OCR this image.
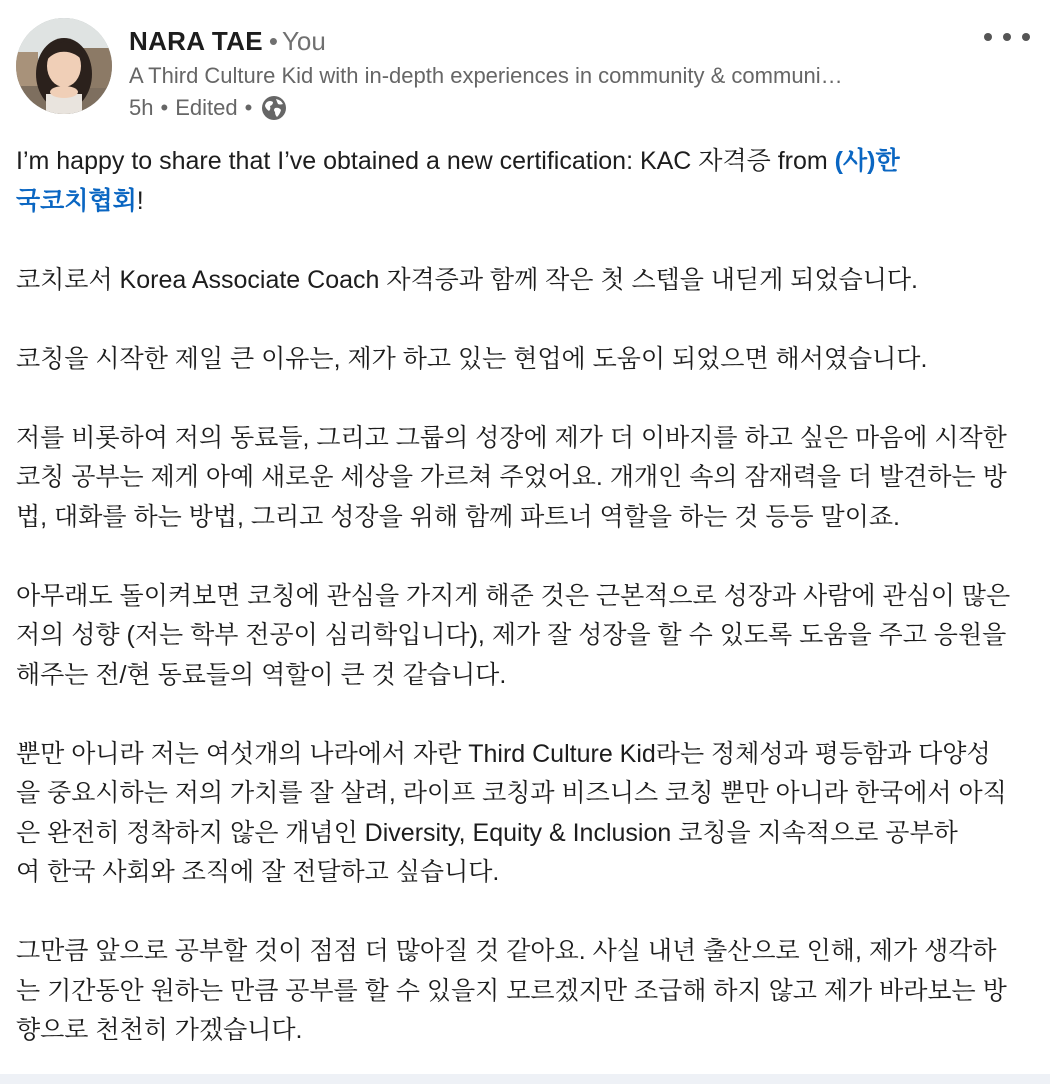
NARA TAE • You
A Third Culture Kid with in-depth experiences in community & communi…
5h • Edited •
I’m happy to share that I’ve obtained a new certification: KAC 자격증 from (사)한
국코치협회!
코치로서 Korea Associate Coach 자격증과 함께 작은 첫 스텝을 내딛게 되었습니다.
코칭을 시작한 제일 큰 이유는, 제가 하고 있는 현업에 도움이 되었으면 해서였습니다.
저를 비롯하여 저의 동료들, 그리고 그룹의 성장에 제가 더 이바지를 하고 싶은 마음에 시작한
코칭 공부는 제게 아예 새로운 세상을 가르쳐 주었어요. 개개인 속의 잠재력을 더 발견하는 방
법, 대화를 하는 방법, 그리고 성장을 위해 함께 파트너 역할을 하는 것 등등 말이죠.
아무래도 돌이켜보면 코칭에 관심을 가지게 해준 것은 근본적으로 성장과 사람에 관심이 많은
저의 성향 (저는 학부 전공이 심리학입니다), 제가 잘 성장을 할 수 있도록 도움을 주고 응원을
해주는 전/현 동료들의 역할이 큰 것 같습니다.
뿐만 아니라 저는 여섯개의 나라에서 자란 Third Culture Kid라는 정체성과 평등함과 다양성
을 중요시하는 저의 가치를 잘 살려, 라이프 코칭과 비즈니스 코칭 뿐만 아니라 한국에서 아직
은 완전히 정착하지 않은 개념인 Diversity, Equity & Inclusion 코칭을 지속적으로 공부하
여 한국 사회와 조직에 잘 전달하고 싶습니다.
그만큼 앞으로 공부할 것이 점점 더 많아질 것 같아요. 사실 내년 출산으로 인해, 제가 생각하
는 기간동안 원하는 만큼 공부를 할 수 있을지 모르겠지만 조급해 하지 않고 제가 바라보는 방
향으로 천천히 가겠습니다.
